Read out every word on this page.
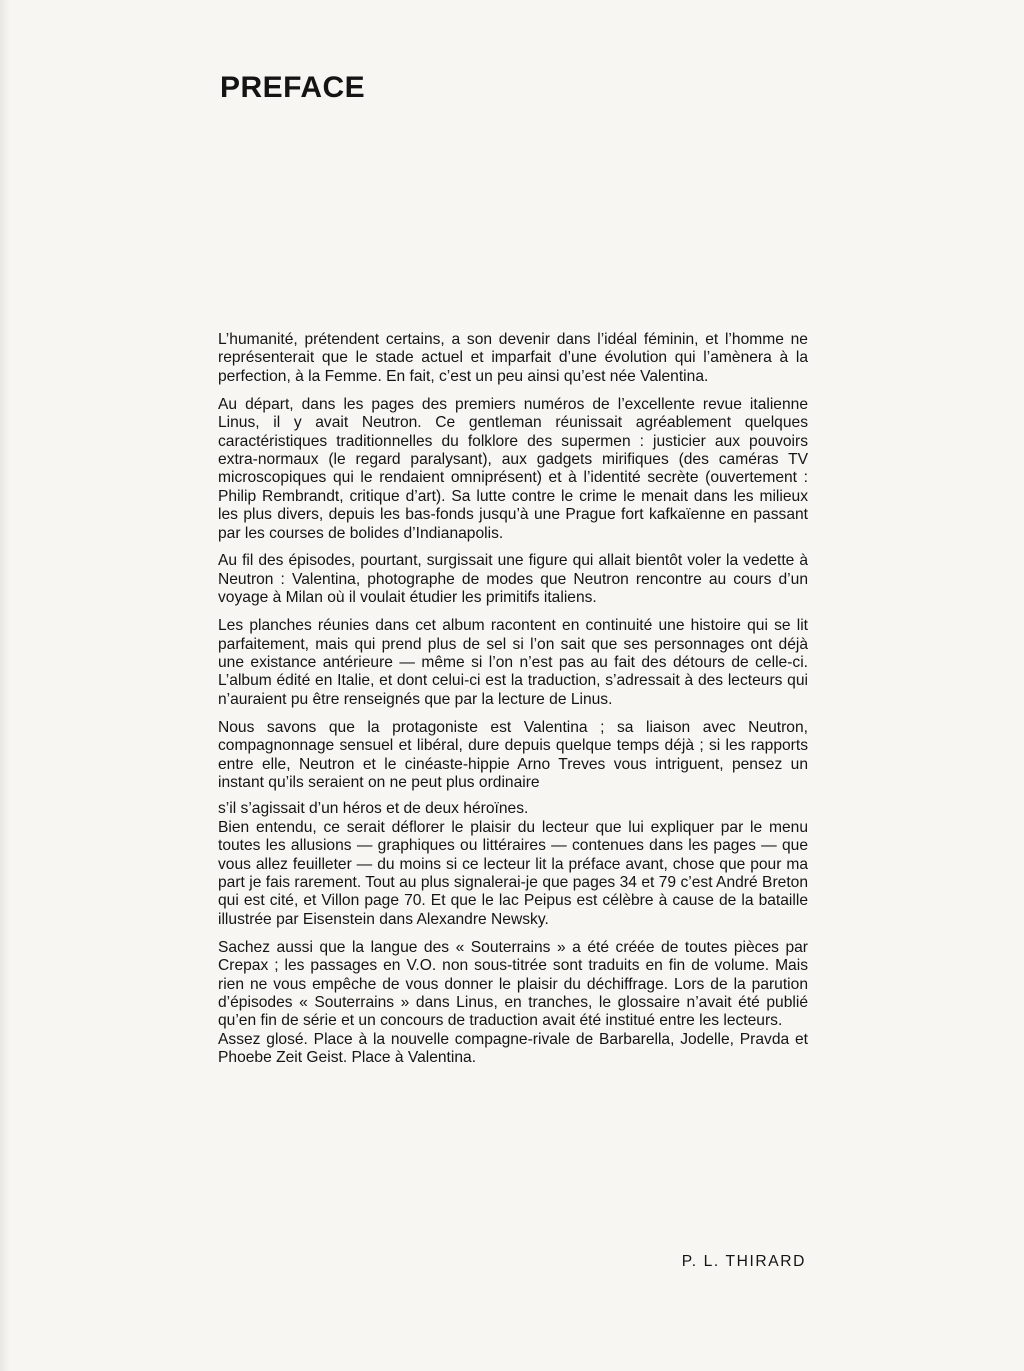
PREFACE

L’humanité, prétendent certains, a son devenir dans l’idéal féminin, et l’homme ne représenterait que le stade actuel et imparfait d’une évolution qui l’amènera à la perfection, à la Femme. En fait, c’est un peu ainsi qu’est née Valentina.

Au départ, dans les pages des premiers numéros de l’excellente revue italienne Linus, il y avait Neutron. Ce gentleman réunissait agréablement quelques caractéristiques traditionnelles du folklore des supermen : justicier aux pouvoirs extra-normaux (le regard paralysant), aux gadgets mirifiques (des caméras TV microscopiques qui le rendaient omniprésent) et à l’identité secrète (ouvertement : Philip Rembrandt, critique d’art). Sa lutte contre le crime le menait dans les milieux les plus divers, depuis les bas-fonds jusqu’à une Prague fort kafkaïenne en passant par les courses de bolides d’Indianapolis.

Au fil des épisodes, pourtant, surgissait une figure qui allait bientôt voler la vedette à Neutron : Valentina, photographe de modes que Neutron rencontre au cours d’un voyage à Milan où il voulait étudier les primitifs italiens.

Les planches réunies dans cet album racontent en continuité une histoire qui se lit parfaitement, mais qui prend plus de sel si l’on sait que ses personnages ont déjà une existance antérieure — même si l’on n’est pas au fait des détours de celle-ci. L’album édité en Italie, et dont celui-ci est la traduction, s’adressait à des lecteurs qui n’auraient pu être renseignés que par la lecture de Linus.

Nous savons que la protagoniste est Valentina ; sa liaison avec Neutron, compagnonnage sensuel et libéral, dure depuis quelque temps déjà ; si les rapports entre elle, Neutron et le cinéaste-hippie Arno Treves vous intriguent, pensez un instant qu’ils seraient on ne peut plus ordinaire

s’il s’agissait d’un héros et de deux héroïnes.

Bien entendu, ce serait déflorer le plaisir du lecteur que lui expliquer par le menu toutes les allusions — graphiques ou littéraires — contenues dans les pages — que vous allez feuilleter — du moins si ce lecteur lit la préface avant, chose que pour ma part je fais rarement. Tout au plus signalerai-je que pages 34 et 79 c’est André Breton qui est cité, et Villon page 70. Et que le lac Peipus est célèbre à cause de la bataille illustrée par Eisenstein dans Alexandre Newsky.

Sachez aussi que la langue des « Souterrains » a été créée de toutes pièces par Crepax ; les passages en V.O. non sous-titrée sont traduits en fin de volume. Mais rien ne vous empêche de vous donner le plaisir du déchiffrage. Lors de la parution d’épisodes « Souterrains » dans Linus, en tranches, le glossaire n’avait été publié qu’en fin de série et un concours de traduction avait été institué entre les lecteurs.

Assez glosé. Place à la nouvelle compagne-rivale de Barbarella, Jodelle, Pravda et Phoebe Zeit Geist. Place à Valentina.

P. L. THIRARD
